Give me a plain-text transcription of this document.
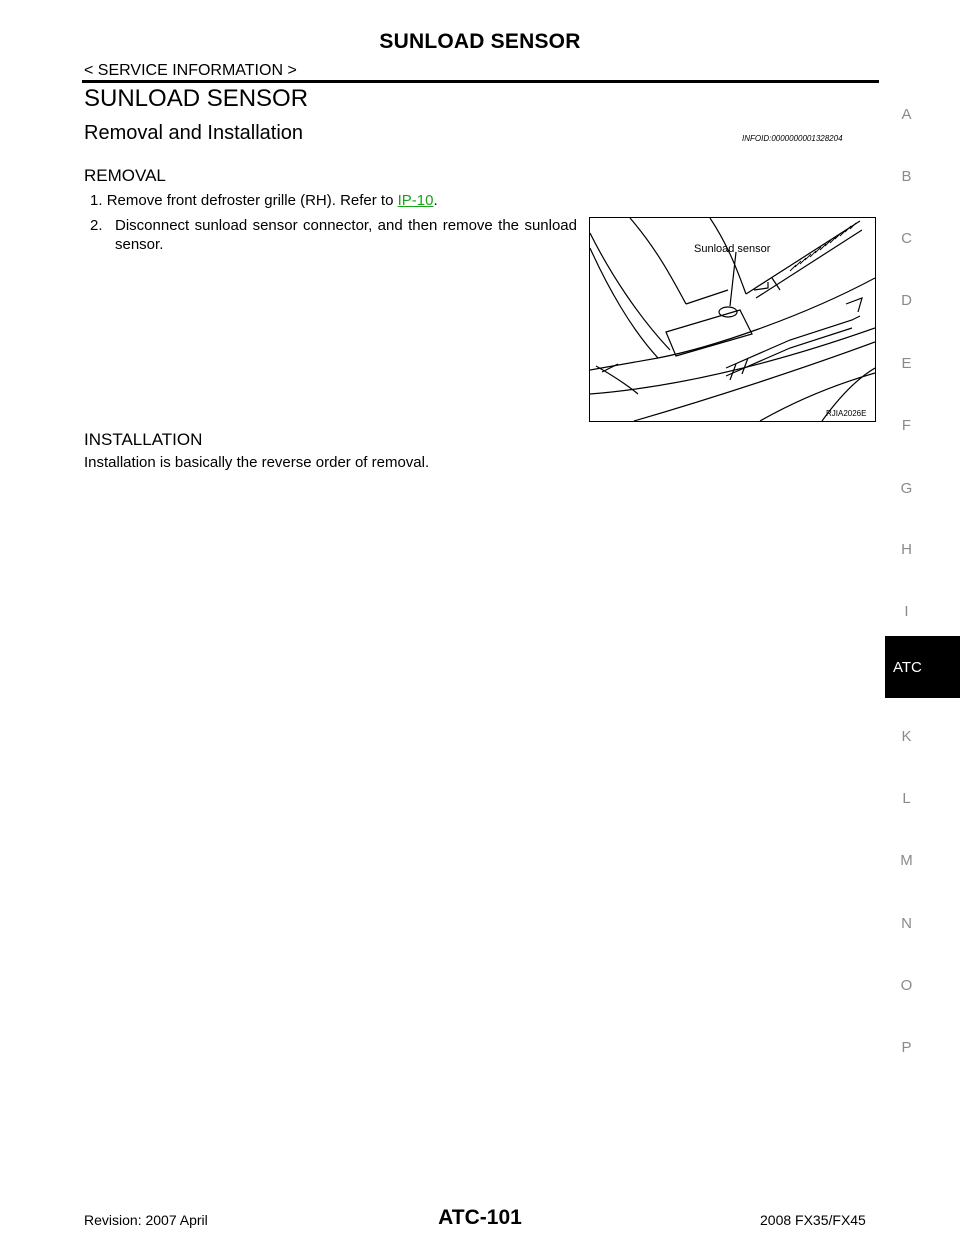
SUNLOAD SENSOR
< SERVICE INFORMATION >
SUNLOAD SENSOR
Removal and Installation	INFOID:0000000001328204
REMOVAL
1. Remove front defroster grille (RH). Refer to IP-10.
2. Disconnect sunload sensor connector, and then remove the sunload sensor.	Sunload sensor
RJIA2026E
INSTALLATION
Installation is basically the reverse order of removal.
A
B
C
D
E
F
G
H
I
ATC
K
L
M
N
O
P
Revision: 2007 April	ATC-101	2008 FX35/FX45
